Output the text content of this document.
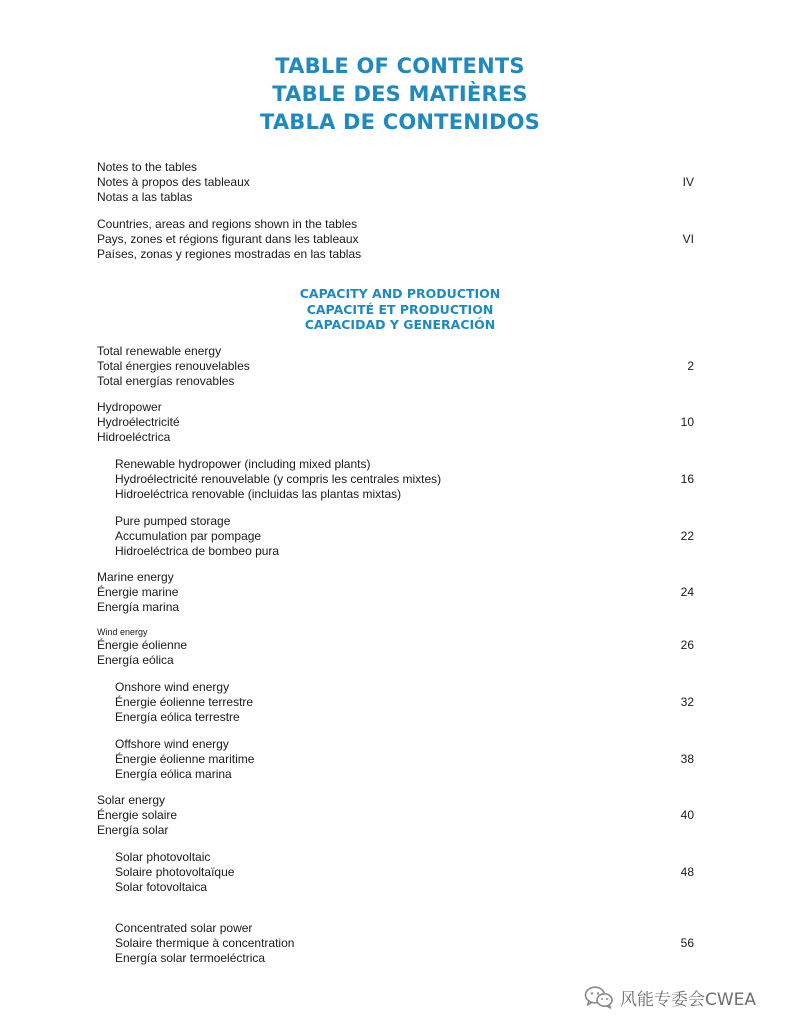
TABLE OF CONTENTS
TABLE DES MATIÈRES
TABLA DE CONTENIDOS
Notes to the tables
Notes à propos des tableaux
Notas a las tablas
IV
Countries, areas and regions shown in the tables
Pays, zones et régions figurant dans les tableaux
Países, zonas y regiones mostradas en las tablas
VI
CAPACITY AND PRODUCTION
CAPACITÉ ET PRODUCTION
CAPACIDAD Y GENERACIÓN
Total renewable energy
Total énergies renouvelables
Total energías renovables
2
Hydropower
Hydroélectricité
Hidroeléctrica
10
Renewable hydropower (including mixed plants)
Hydroélectricité renouvelable (y compris les centrales mixtes)
Hidroeléctrica renovable (incluidas las plantas mixtas)
16
Pure pumped storage
Accumulation par pompage
Hidroeléctrica de bombeo pura
22
Marine energy
Énergie marine
Energía marina
24
Wind energy
Énergie éolienne
Energía eólica
26
Onshore wind energy
Énergie éolienne terrestre
Energía eólica terrestre
32
Offshore wind energy
Énergie éolienne maritime
Energía eólica marina
38
Solar energy
Énergie solaire
Energía solar
40
Solar photovoltaic
Solaire photovoltaïque
Solar fotovoltaica
48
Concentrated solar power
Solaire thermique à concentration
Energía solar termoeléctrica
56
风能专委会CWEA
